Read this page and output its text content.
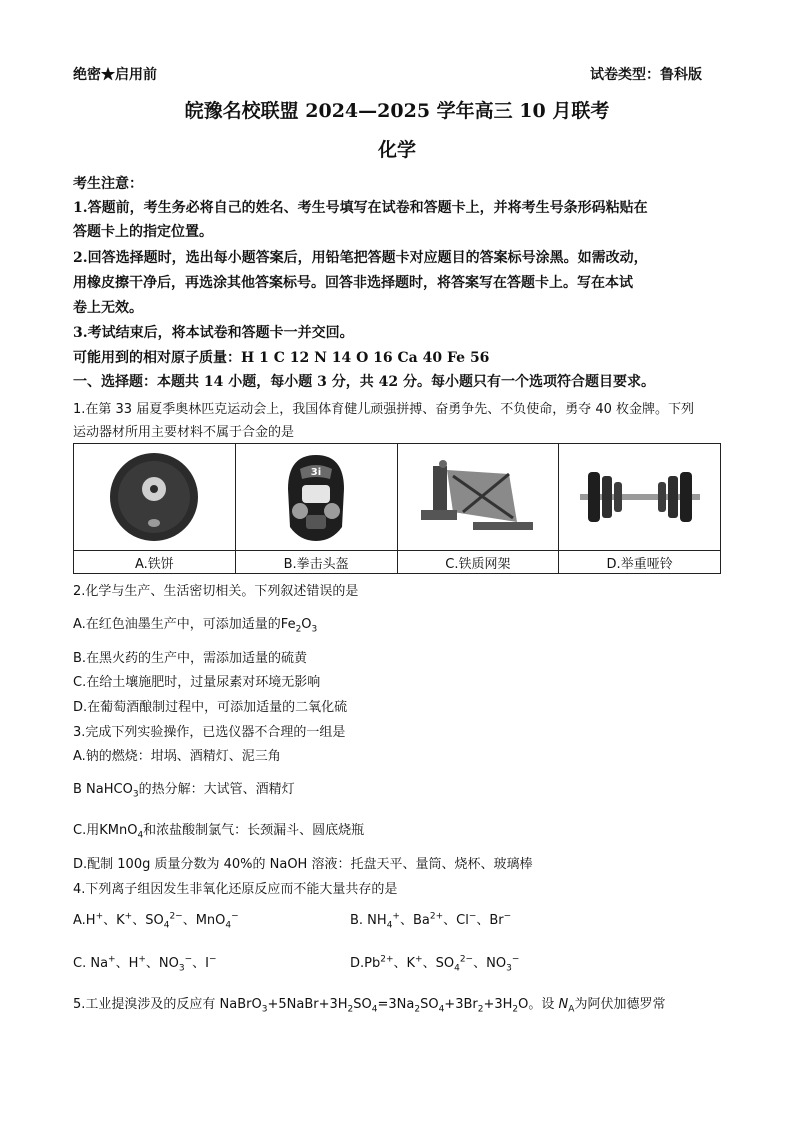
绝密★启用前	试卷类型：鲁科版
皖豫名校联盟 2024—2025 学年高三 10 月联考
化学
考生注意：
1.答题前，考生务必将自己的姓名、考生号填写在试卷和答题卡上，并将考生号条形码粘贴在
答题卡上的指定位置。
2.回答选择题时，选出每小题答案后，用铅笔把答题卡对应题目的答案标号涂黑。如需改动，
用橡皮擦干净后，再选涂其他答案标号。回答非选择题时，将答案写在答题卡上。写在本试
卷上无效。
3.考试结束后，将本试卷和答题卡一并交回。
可能用到的相对原子质量：H 1 C 12 N 14 O 16 Ca 40 Fe 56
一、选择题：本题共 14 小题，每小题 3 分，共 42 分。每小题只有一个选项符合题目要求。
1.在第 33 届夏季奥林匹克运动会上，我国体育健儿顽强拼搏、奋勇争先、不负使命，勇夺 40 枚金牌。下列
运动器材所用主要材料不属于合金的是

3i

A.铁饼	B.拳击头盔	C.铁质网架	D.举重哑铃
2.化学与生产、生活密切相关。下列叙述错误的是
A.在红色油墨生产中，可添加适量的$Fe_2O_3$
B.在黑火药的生产中，需添加适量的硫黄
C.在给土壤施肥时，过量尿素对环境无影响
D.在葡萄酒酿制过程中，可添加适量的二氧化硫
3.完成下列实验操作，已选仪器不合理的一组是
A.钠的燃烧：坩埚、酒精灯、泥三角
B NaHCO$_3$的热分解：大试管、酒精灯
C.用KMnO$_4$和浓盐酸制氯气：长颈漏斗、圆底烧瓶
D.配制 100g 质量分数为 40%的 NaOH 溶液：托盘天平、量筒、烧杯、玻璃棒
4.下列离子组因发生非氧化还原反应而不能大量共存的是
A.H+、K+、$SO_4^{2-}$、MnO$_4$−	B. $NH_4^+$、$Ba^{2+}$、Cl−、Br−
C. Na+、H+、$NO_3^-$、I−	$D.Pb^{2+}$、K+、$SO_4^{2-}$、$NO_3^-$
5.工业提溴涉及的反应有 $NaBrO_3+5NaBr+3H_2SO_4=3Na_2SO_4+3Br_2+3H_2O$。设 $N_A$为阿伏加德罗常
